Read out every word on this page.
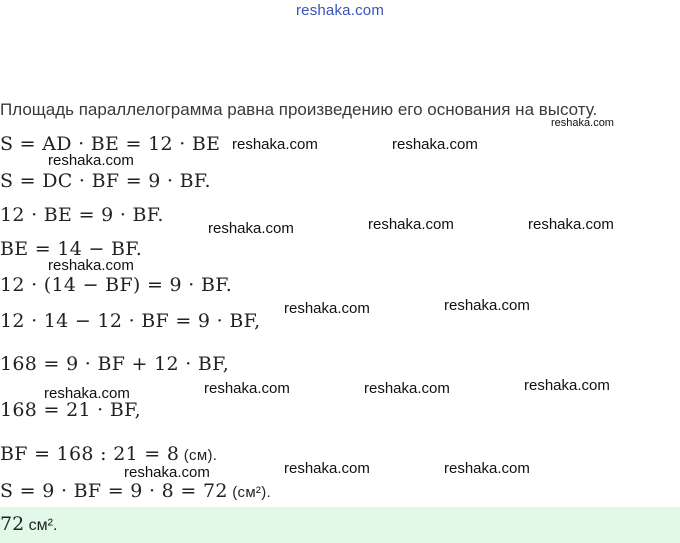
reshaka.com
Площадь параллелограмма равна произведению его основания на высоту.
S = AD · BE = 12 · BE
S = DC · BF = 9 · BF.
12 · BE = 9 · BF.
BE = 14 − BF.
12 · (14 − BF) = 9 · BF.
12 · 14 − 12 · BF = 9 · BF,
168 = 9 · BF + 12 · BF,
168 = 21 · BF,
BF = 168 : 21 = 8 (см).
S = 9 · BF = 9 · 8 = 72 (см²).
reshaka.com
reshaka.com	reshaka.com
reshaka.com
reshaka.com	reshaka.com	reshaka.com
reshaka.com
reshaka.com	reshaka.com
reshaka.com	reshaka.com	reshaka.com
reshaka.com
reshaka.com	reshaka.com
reshaka.com
72 см².
